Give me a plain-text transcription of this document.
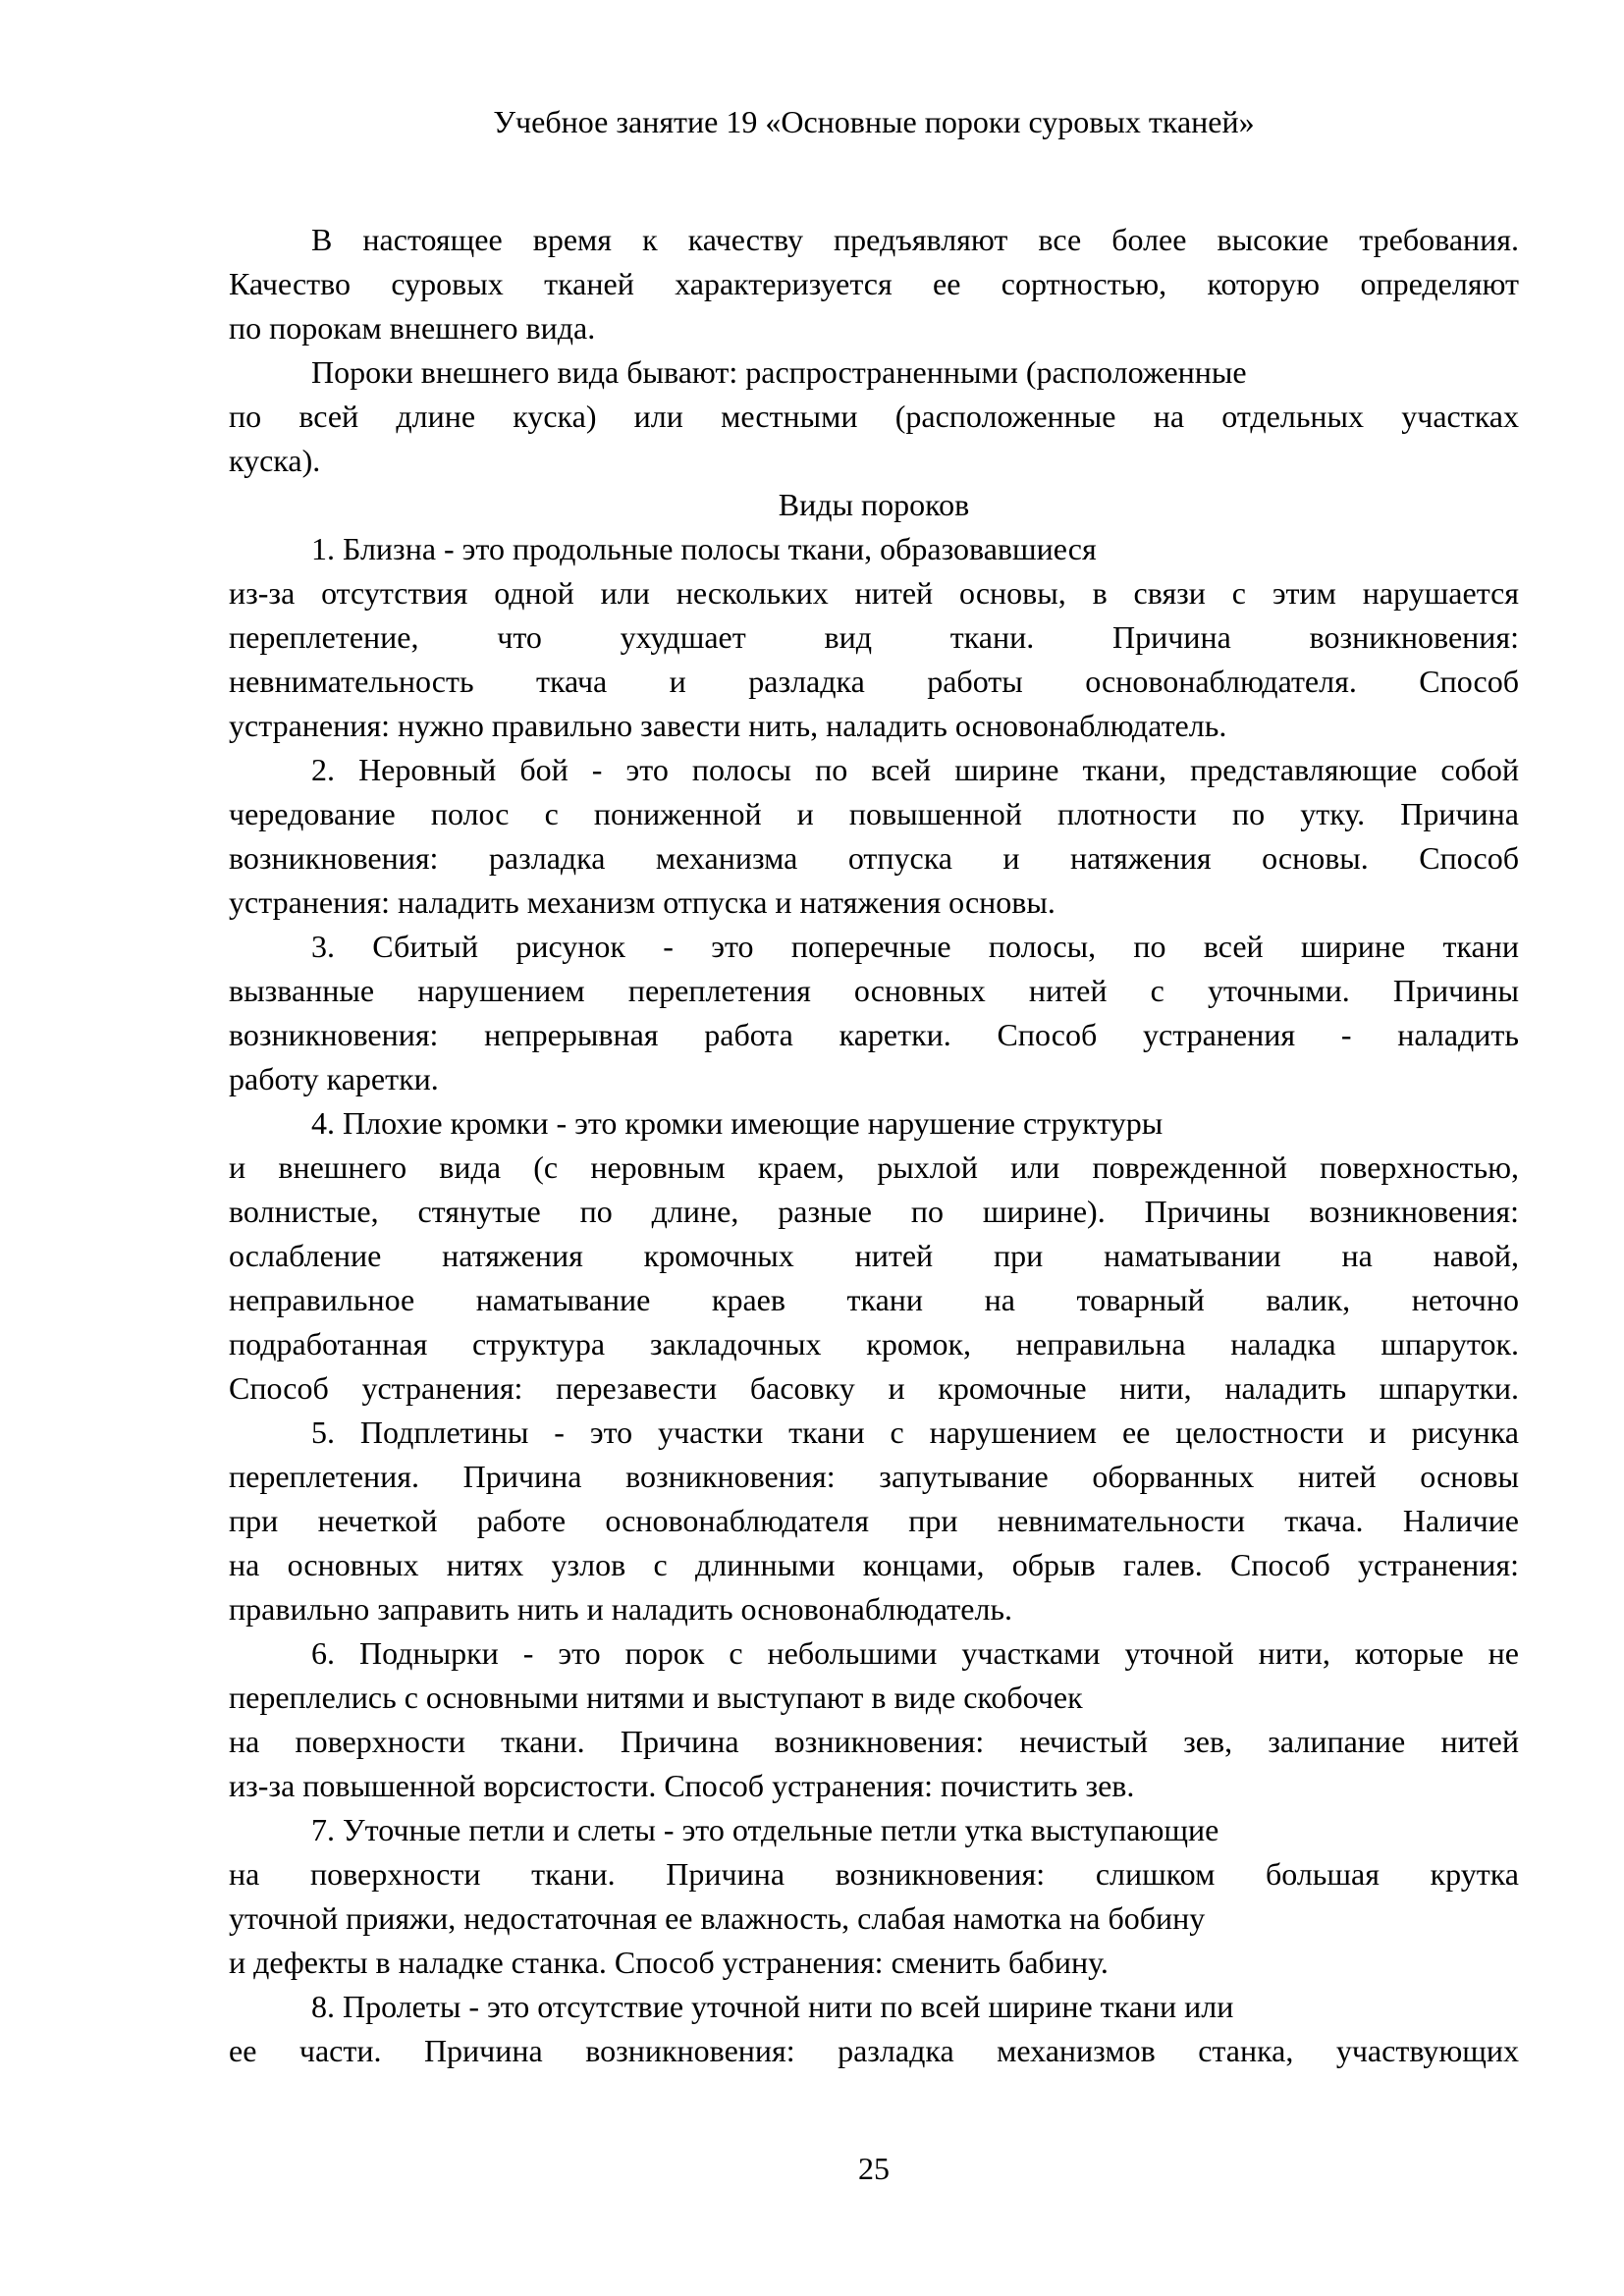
Учебное занятие 19 «Основные пороки суровых тканей»
В настоящее время к качеству предъявляют все более высокие требования.
Качество суровых тканей характеризуется ее сортностью, которую определяют
по порокам внешнего вида.
Пороки внешнего вида бывают: распространенными (расположенные
по всей длине куска) или местными (расположенные на отдельных участках
куска).
Виды пороков
1. Близна - это продольные полосы ткани, образовавшиеся
из-за отсутствия одной или нескольких нитей основы, в связи с этим нарушается
переплетение, что ухудшает вид ткани. Причина возникновения:
невнимательность ткача и разладка работы основонаблюдателя. Способ
устранения: нужно правильно завести нить, наладить основонаблюдатель.
2. Неровный бой - это полосы по всей ширине ткани, представляющие собой
чередование полос с пониженной и повышенной плотности по утку. Причина
возникновения: разладка механизма отпуска и натяжения основы. Способ
устранения: наладить механизм отпуска и натяжения основы.
3. Сбитый рисунок - это поперечные полосы, по всей ширине ткани
вызванные нарушением переплетения основных нитей с уточными. Причины
возникновения: непрерывная работа каретки. Способ устранения - наладить
работу каретки.
4. Плохие кромки - это кромки имеющие нарушение структуры
и внешнего вида (с неровным краем, рыхлой или поврежденной поверхностью,
волнистые, стянутые по длине, разные по ширине). Причины возникновения:
ослабление натяжения кромочных нитей при наматывании на навой,
неправильное наматывание краев ткани на товарный валик, неточно
подработанная структура закладочных кромок, неправильна наладка шпаруток.
Способ устранения: перезавести басовку и кромочные нити, наладить шпарутки.
5. Подплетины - это участки ткани с нарушением ее целостности и рисунка
переплетения. Причина возникновения: запутывание оборванных нитей основы
при нечеткой работе основонаблюдателя при невнимательности ткача. Наличие
на основных нитях узлов с длинными концами, обрыв галев. Способ устранения:
правильно заправить нить и наладить основонаблюдатель.
6. Поднырки - это порок с небольшими участками уточной нити, которые не
переплелись с основными нитями и выступают в виде скобочек
на поверхности ткани. Причина возникновения: нечистый зев, залипание нитей
из-за повышенной ворсистости. Способ устранения: почистить зев.
7. Уточные петли и слеты - это отдельные петли утка выступающие
на поверхности ткани. Причина возникновения: слишком большая крутка
уточной прияжи, недостаточная ее влажность, слабая намотка на бобину
и дефекты в наладке станка. Способ устранения: сменить бабину.
8. Пролеты - это отсутствие уточной нити по всей ширине ткани или
ее части. Причина возникновения: разладка механизмов станка, участвующих
25
